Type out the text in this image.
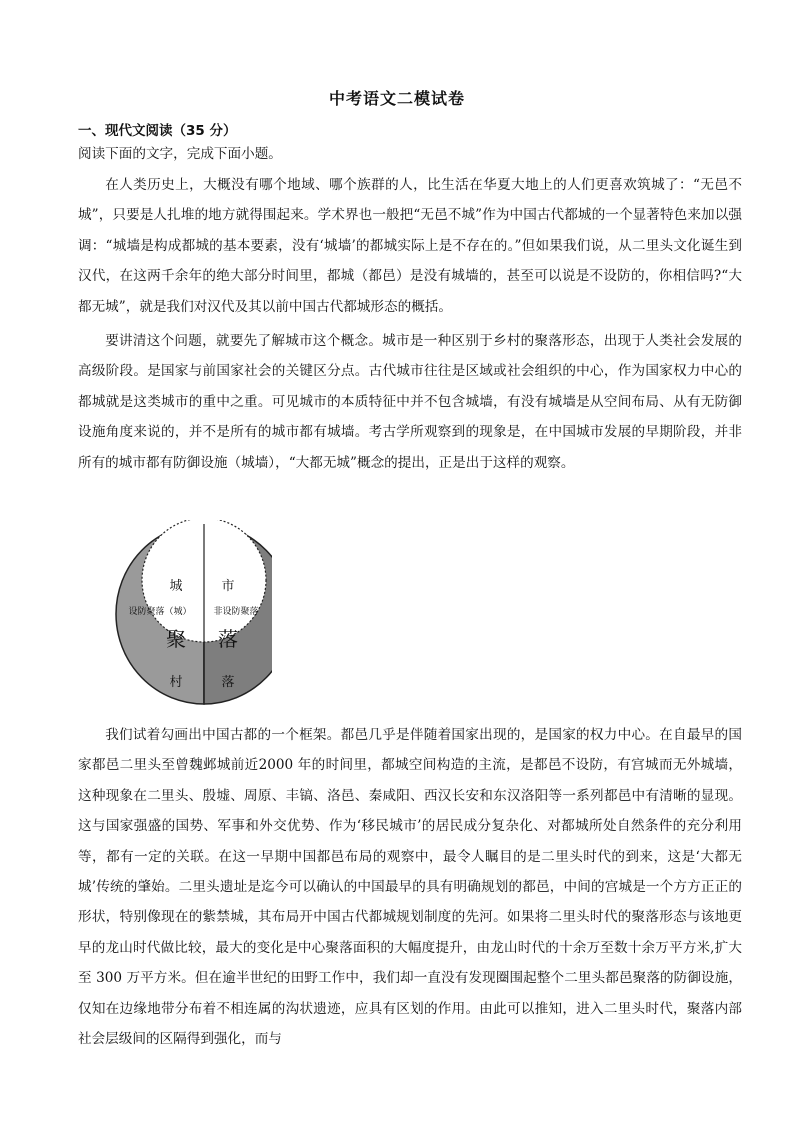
中考语文二模试卷
一、现代文阅读（35 分）

阅读下面的文字，完成下面小题。

在人类历史上，大概没有哪个地域、哪个族群的人，比生活在华夏大地上的人们更喜欢筑城了：“无邑不城”，只要是人扎堆的地方就得围起来。学术界也一般把“无邑不城”作为中国古代都城的一个显著特色来加以强调：“城墙是构成都城的基本要素，没有‘城墙’的都城实际上是不存在的。”但如果我们说，从二里头文化诞生到汉代，在这两千余年的绝大部分时间里，都城（都邑）是没有城墙的，甚至可以说是不设防的，你相信吗?“大都无城”，就是我们对汉代及其以前中国古代都城形态的概括。

要讲清这个问题，就要先了解城市这个概念。城市是一种区别于乡村的聚落形态，出现于人类社会发展的高级阶段。是国家与前国家社会的关键区分点。古代城市往往是区域或社会组织的中心，作为国家权力中心的都城就是这类城市的重中之重。可见城市的本质特征中并不包含城墙，有没有城墙是从空间布局、从有无防御设施角度来说的，并不是所有的城市都有城墙。考古学所观察到的现象是，在中国城市发展的早期阶段，并非所有的城市都有防御设施（城墙），“大都无城”概念的提出，正是出于这样的观察。

城	市
设防聚落（城） 非设防聚落
聚 落
村	落

我们试着勾画出中国古都的一个框架。都邑几乎是伴随着国家出现的，是国家的权力中心。在自最早的国家都邑二里头至曾魏邺城前近2000 年的时间里，都城空间构造的主流，是都邑不设防，有宫城而无外城墙，这种现象在二里头、殷墟、周原、丰镐、洛邑、秦咸阳、西汉长安和东汉洛阳等一系列都邑中有清晰的显现。这与国家强盛的国势、军事和外交优势、作为‘移民城市’的居民成分复杂化、对都城所处自然条件的充分利用等，都有一定的关联。在这一早期中国都邑布局的观察中，最令人瞩目的是二里头时代的到来，这是‘大都无城’传统的肇始。二里头遗址是迄今可以确认的中国最早的具有明确规划的都邑，中间的宫城是一个方方正正的形状，特别像现在的紫禁城，其布局开中国古代都城规划制度的先河。如果将二里头时代的聚落形态与该地更早的龙山时代做比较，最大的变化是中心聚落面积的大幅度提升，由龙山时代的十余万至数十余万平方米,扩大至 300 万平方米。但在逾半世纪的田野工作中，我们却一直没有发现圈围起整个二里头都邑聚落的防御设施，仅知在边缘地带分布着不相连属的沟状遗迹，应具有区划的作用。由此可以推知，进入二里头时代，聚落内部社会层级间的区隔得到强化，而与
